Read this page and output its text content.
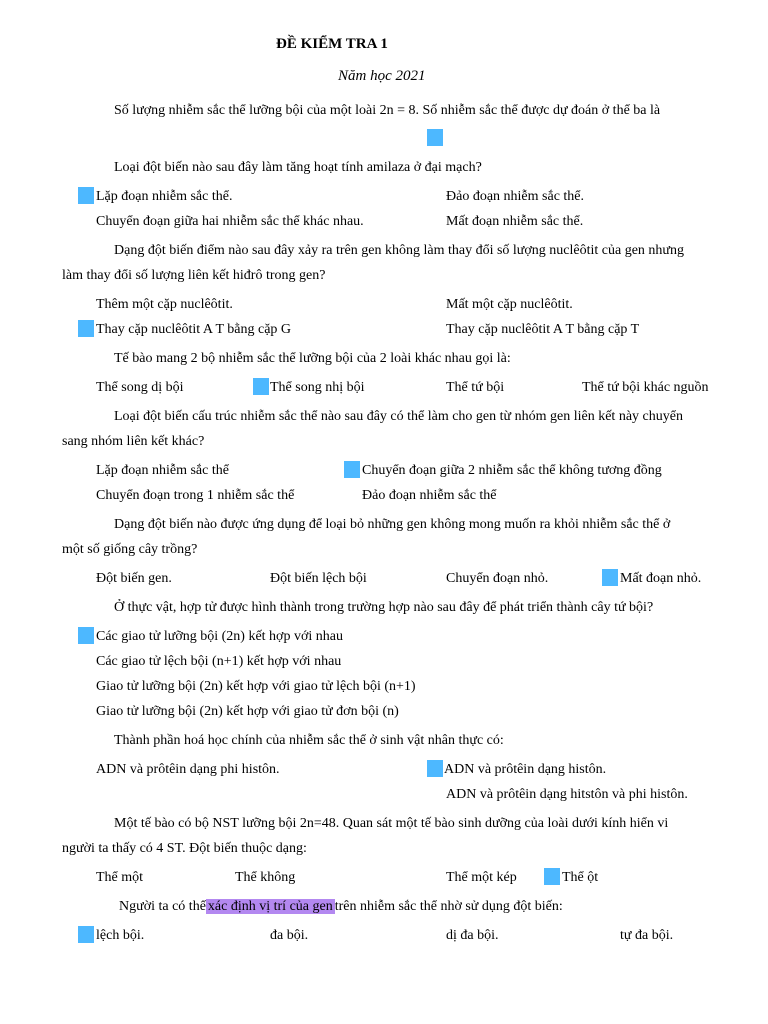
ĐỀ KIỂM TRA 1
Năm học 2021
Số lượng nhiễm sắc thể lưỡng bội của một loài 2n = 8. Số nhiễm sắc thể được dự đoán ở thể ba là
Loại đột biến nào sau đây làm tăng hoạt tính amilaza ở đại mạch?
Lặp đoạn nhiễm sắc thể.	Đảo đoạn nhiễm sắc thể.
Chuyển đoạn giữa hai nhiễm sắc thể khác nhau.	Mất đoạn nhiễm sắc thể.
Dạng đột biến điểm nào sau đây xảy ra trên gen không làm thay đổi số lượng nuclêôtit của gen nhưng
làm thay đổi số lượng liên kết hiđrô trong gen?
Thêm một cặp nuclêôtit.	Mất một cặp nuclêôtit.
Thay cặp nuclêôtit A T bằng cặp G	Thay cặp nuclêôtit A T bằng cặp T
Tế bào mang 2 bộ nhiễm sắc thể lưỡng bội của 2 loài khác nhau gọi là:
Thể song dị bội	Thể song nhị bội	Thể tứ bội	Thể tứ bội khác nguồn
Loại đột biến cấu trúc nhiễm sắc thể nào sau đây có thể làm cho gen từ nhóm gen liên kết này chuyển
sang nhóm liên kết khác?
Lặp đoạn nhiễm sắc thể	Chuyển đoạn giữa 2 nhiễm sắc thể không tương đồng
Chuyển đoạn trong 1 nhiễm sắc thể	Đảo đoạn nhiễm sắc thể
Dạng đột biến nào được ứng dụng để loại bỏ những gen không mong muốn ra khỏi nhiễm sắc thể ở
một số giống cây trồng?
Đột biến gen.	Đột biến lệch bội	Chuyển đoạn nhỏ.	Mất đoạn nhỏ.
Ở thực vật, hợp tử được hình thành trong trường hợp nào sau đây để phát triển thành cây tứ bội?
Các giao tử lưỡng bội (2n) kết hợp với nhau
Các giao tử lệch bội (n+1) kết hợp với nhau
Giao tử lưỡng bội (2n) kết hợp với giao tử lệch bội (n+1)
Giao tử lưỡng bội (2n) kết hợp với giao tử đơn bội (n)
Thành phần hoá học chính của nhiễm sắc thể ở sinh vật nhân thực có:
ADN và prôtêin dạng phi histôn.	ADN và prôtêin dạng histôn.
ADN và prôtêin dạng hitstôn và phi histôn.
Một tế bào có bộ NST lưỡng bội 2n=48. Quan sát một tế bào sinh dưỡng của loài dưới kính hiển vi
người ta thấy có 4 ST. Đột biến thuộc dạng:
Thể một	Thể không	Thể một kép	Thể ột
Người ta có thể xác định vị trí của gen trên nhiễm sắc thể nhờ sử dụng đột biến:
lệch bội.	đa bội.	dị đa bội.	tự đa bội.
